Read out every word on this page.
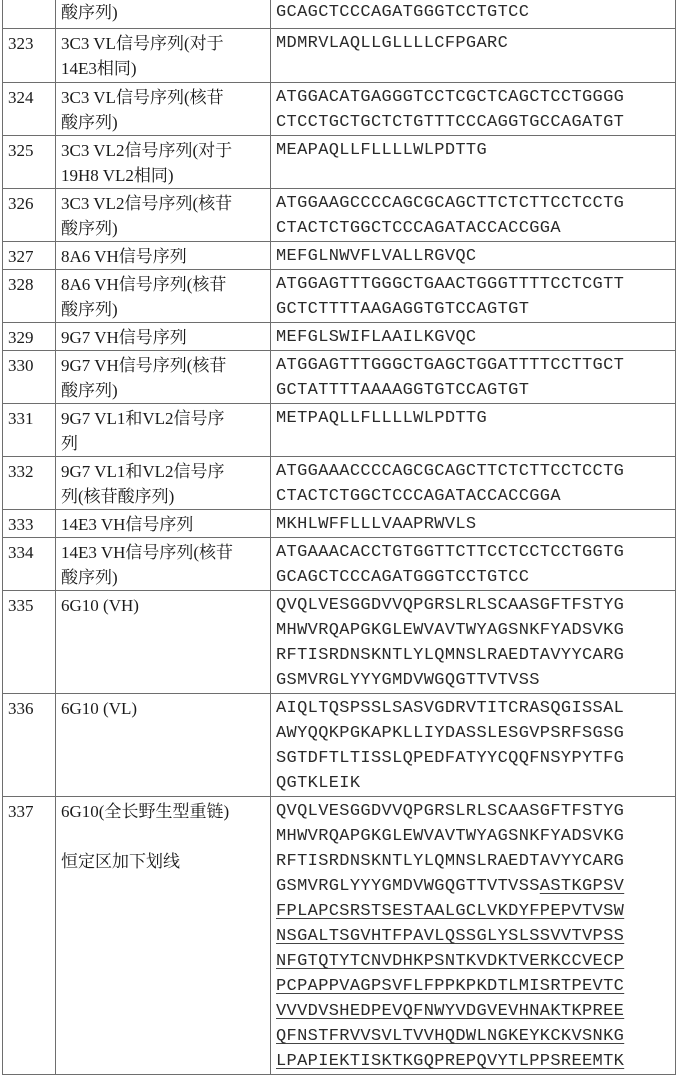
	酸序列)	GCAGCTCCCAGATGGGTCCTGTCC

323	3C3 VL信号序列(对于
14E3相同)	MDMRVLAQLLGLLLLCFPGARC

324	3C3 VL信号序列(核苷
酸序列)	ATGGACATGAGGGTCCTCGCTCAGCTCCTGGGG
CTCCTGCTGCTCTGTTTCCCAGGTGCCAGATGT

325	3C3 VL2信号序列(对于
19H8 VL2相同)	MEAPAQLLFLLLLWLPDTTG

326	3C3 VL2信号序列(核苷
酸序列)	ATGGAAGCCCCAGCGCAGCTTCTCTTCCTCCTG
CTACTCTGGCTCCCAGATACCACCGGA

327	8A6 VH信号序列	MEFGLNWVFLVALLRGVQC

328	8A6 VH信号序列(核苷
酸序列)	ATGGAGTTTGGGCTGAACTGGGTTTTCCTCGTT
GCTCTTTTAAGAGGTGTCCAGTGT

329	9G7 VH信号序列	MEFGLSWIFLAAILKGVQC

330	9G7 VH信号序列(核苷
酸序列)	ATGGAGTTTGGGCTGAGCTGGATTTTCCTTGCT
GCTATTTTAAAAGGTGTCCAGTGT

331	9G7 VL1和VL2信号序
列	METPAQLLFLLLLWLPDTTG

332	9G7 VL1和VL2信号序
列(核苷酸序列)	ATGGAAACCCCAGCGCAGCTTCTCTTCCTCCTG
CTACTCTGGCTCCCAGATACCACCGGA

333	14E3 VH信号序列	MKHLWFFLLLVAAPRWVLS

334	14E3 VH信号序列(核苷
酸序列)	ATGAAACACCTGTGGTTCTTCCTCCTCCTGGTG
GCAGCTCCCAGATGGGTCCTGTCC

335	6G10 (VH)	QVQLVESGGDVVQPGRSLRLSCAASGFTFSTYG
MHWVRQAPGKGLEWVAVTWYAGSNKFYADSVKG
RFTISRDNSKNTLYLQMNSLRAEDTAVYYCARG
GSMVRGLYYYGMDVWGQGTTVTVSS

336	6G10 (VL)	AIQLTQSPSSLSASVGDRVTITCRASQGISSAL
AWYQQKPGKAPKLLIYDASSLESGVPSRFSGSG
SGTDFTLTISSLQPEDFATYYCQQFNSYPYTFG
QGTKLEIK

337	6G10(全长野生型重链)
恒定区加下划线

QVQLVESGGDVVQPGRSLRLSCAASGFTFSTYG
MHWVRQAPGKGLEWVAVTWYAGSNKFYADSVKG
RFTISRDNSKNTLYLQMNSLRAEDTAVYYCARG
GSMVRGLYYYGMDVWGQGTTVTVSSASTKGPSV
FPLAPCSRSTSESTAALGCLVKDYFPEPVTVSW
NSGALTSGVHTFPAVLQSSGLYSLSSVVTVPSS
NFGTQTYTCNVDHKPSNTKVDKTVERKCCVECP
PCPAPPVAGPSVFLFPPKPKDTLMISRTPEVTC
VVVDVSHEDPEVQFNWYVDGVEVHNAKTKPREE
QFNSTFRVVSVLTVVHQDWLNGKEYKCKVSNKG
LPAPIEKTISKTKGQPREPQVYTLPPSREEMTK
